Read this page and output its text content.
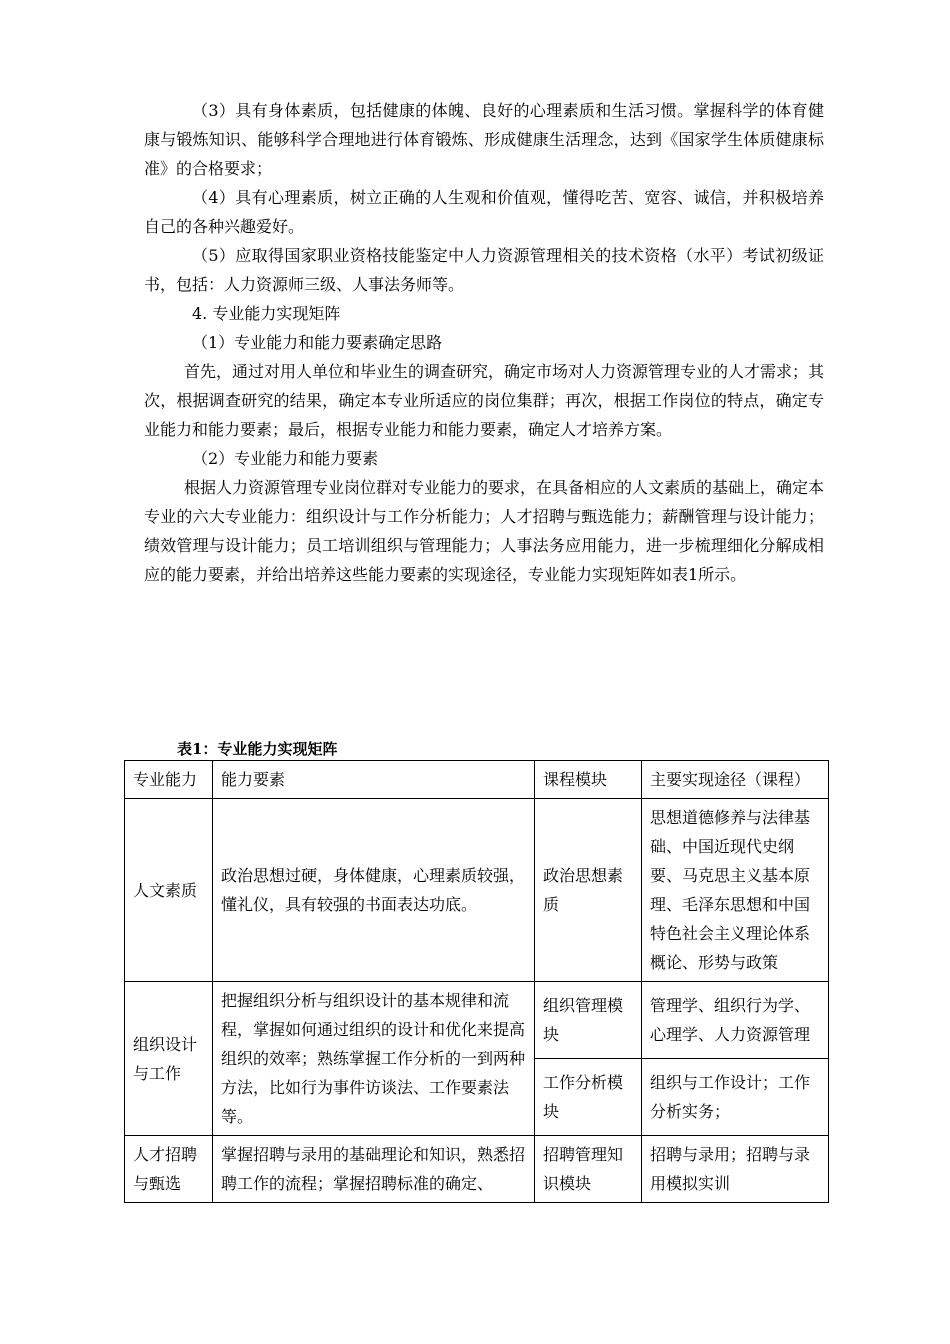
（3）具有身体素质，包括健康的体魄、良好的心理素质和生活习惯。掌握科学的体育健康与锻炼知识、能够科学合理地进行体育锻炼、形成健康生活理念，达到《国家学生体质健康标准》的合格要求；

（4）具有心理素质，树立正确的人生观和价值观，懂得吃苦、宽容、诚信，并积极培养自己的各种兴趣爱好。

（5）应取得国家职业资格技能鉴定中人力资源管理相关的技术资格（水平）考试初级证书，包括：人力资源师三级、人事法务师等。

4. 专业能力实现矩阵

（1）专业能力和能力要素确定思路

首先，通过对用人单位和毕业生的调查研究，确定市场对人力资源管理专业的人才需求；其次，根据调查研究的结果，确定本专业所适应的岗位集群；再次，根据工作岗位的特点，确定专业能力和能力要素；最后，根据专业能力和能力要素，确定人才培养方案。

（2）专业能力和能力要素

根据人力资源管理专业岗位群对专业能力的要求，在具备相应的人文素质的基础上，确定本专业的六大专业能力：组织设计与工作分析能力；人才招聘与甄选能力；薪酬管理与设计能力；绩效管理与设计能力；员工培训组织与管理能力；人事法务应用能力，进一步梳理细化分解成相应的能力要素，并给出培养这些能力要素的实现途径，专业能力实现矩阵如表1所示。

表1：专业能力实现矩阵
专业能力	能力要素	课程模块	主要实现途径（课程）
人文素质	政治思想过硬，身体健康，心理素质较强，懂礼仪，具有较强的书面表达功底。	政治思想素质	思想道德修养与法律基础、中国近现代史纲要、马克思主义基本原理、毛泽东思想和中国特色社会主义理论体系概论、形势与政策
组织设计与工作	把握组织分析与组织设计的基本规律和流程，掌握如何通过组织的设计和优化来提高组织的效率；熟练掌握工作分析的一到两种方法，比如行为事件访谈法、工作要素法等。	组织管理模块	管理学、组织行为学、心理学、人力资源管理
		工作分析模块	组织与工作设计；工作分析实务；
人才招聘与甄选	掌握招聘与录用的基础理论和知识，熟悉招聘工作的流程；掌握招聘标准的确定、	招聘管理知识模块	招聘与录用；招聘与录用模拟实训
